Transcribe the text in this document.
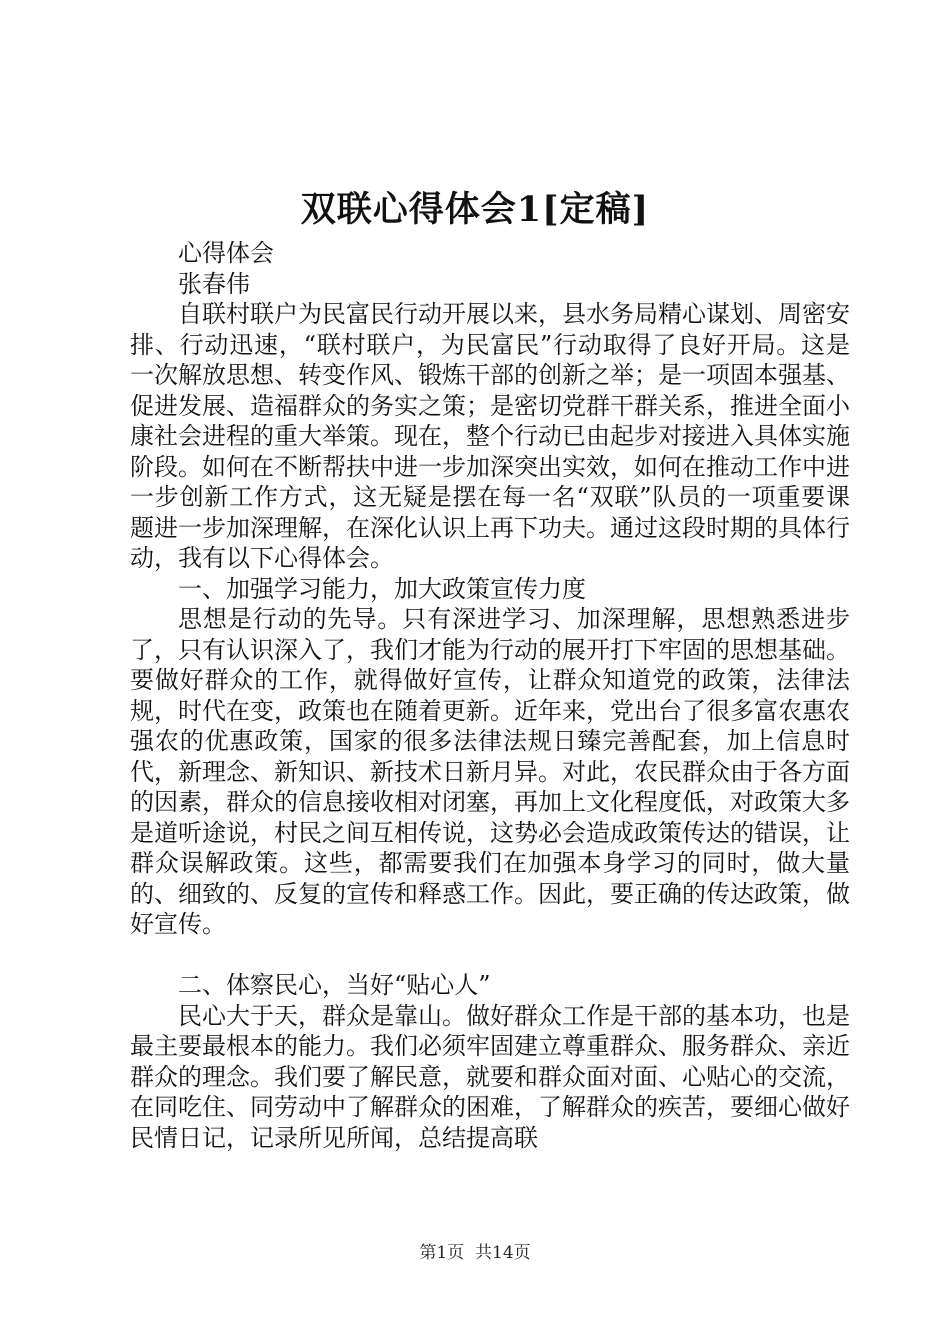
双联心得体会1[定稿]

心得体会

张春伟

自联村联户为民富民行动开展以来，县水务局精心谋划、周密安排、行动迅速，“联村联户，为民富民”行动取得了良好开局。这是一次解放思想、转变作风、锻炼干部的创新之举；是一项固本强基、促进发展、造福群众的务实之策；是密切党群干群关系，推进全面小康社会进程的重大举策。现在，整个行动已由起步对接进入具体实施阶段。如何在不断帮扶中进一步加深突出实效，如何在推动工作中进一步创新工作方式，这无疑是摆在每一名“双联”队员的一项重要课题进一步加深理解，在深化认识上再下功夫。通过这段时期的具体行动，我有以下心得体会。

一、加强学习能力，加大政策宣传力度

思想是行动的先导。只有深进学习、加深理解，思想熟悉进步了，只有认识深入了，我们才能为行动的展开打下牢固的思想基础。要做好群众的工作，就得做好宣传，让群众知道党的政策，法律法规，时代在变，政策也在随着更新。近年来，党出台了很多富农惠农强农的优惠政策，国家的很多法律法规日臻完善配套，加上信息时代，新理念、新知识、新技术日新月异。对此，农民群众由于各方面的因素，群众的信息接收相对闭塞，再加上文化程度低，对政策大多是道听途说，村民之间互相传说，这势必会造成政策传达的错误，让群众误解政策。这些，都需要我们在加强本身学习的同时，做大量的、细致的、反复的宣传和释惑工作。因此，要正确的传达政策，做好宣传。

二、体察民心，当好“贴心人”

民心大于天，群众是靠山。做好群众工作是干部的基本功，也是最主要最根本的能力。我们必须牢固建立尊重群众、服务群众、亲近群众的理念。我们要了解民意，就要和群众面对面、心贴心的交流，在同吃住、同劳动中了解群众的困难，了解群众的疾苦，要细心做好民情日记，记录所见所闻，总结提高联

第1页 共14页
